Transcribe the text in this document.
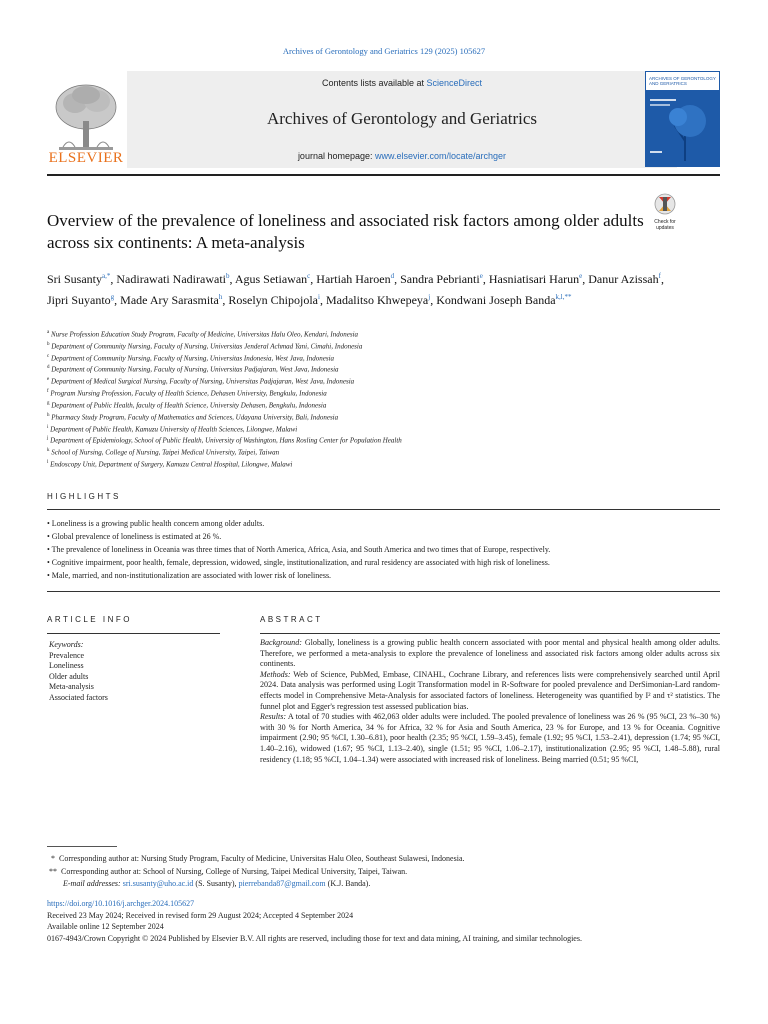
Archives of Gerontology and Geriatrics 129 (2025) 105627
ELSEVIER
Contents lists available at ScienceDirect
Archives of Gerontology and Geriatrics
journal homepage: www.elsevier.com/locate/archger
ARCHIVES OF GERONTOLOGY AND GERIATRICS
Overview of the prevalence of loneliness and associated risk factors among older adults across six continents: A meta-analysis
Check for
updates
Sri Susanty$^{a,*}$, Nadirawati Nadirawati$^b$, Agus Setiawan$^c$, Hartiah Haroen$^d$, Sandra Pebrianti$^e$, Hasniatisari Harun$^e$, Danur Azissah$^f$, Jipri Suyanto$^g$, Made Ary Sarasmita$^h$, Roselyn Chipojola$^i$, Madalitso Khwepeya$^j$, Kondwani Joseph Banda$^{k,l,**}$
$^a$ Nurse Profession Education Study Program, Faculty of Medicine, Universitas Halu Oleo, Kendari, Indonesia
$^b$ Department of Community Nursing, Faculty of Nursing, Universitas Jenderal Achmad Yani, Cimahi, Indonesia
$^c$ Department of Community Nursing, Faculty of Nursing, Universitas Indonesia, West Java, Indonesia
$^d$ Department of Community Nursing, Faculty of Nursing, Universitas Padjajaran, West Java, Indonesia
$^e$ Department of Medical Surgical Nursing, Faculty of Nursing, Universitas Padjajaran, West Java, Indonesia
$^f$ Program Nursing Profession, Faculty of Health Science, Dehasen University, Bengkulu, Indonesia
$^g$ Department of Public Health, faculty of Health Science, University Dehasen, Bengkulu, Indonesia
$^h$ Pharmacy Study Program, Faculty of Mathematics and Sciences, Udayana University, Bali, Indonesia
$^i$ Department of Public Health, Kamuzu University of Health Sciences, Lilongwe, Malawi
$^j$ Department of Epidemiology, School of Public Health, University of Washington, Hans Rosling Center for Population Health
$^k$ School of Nursing, College of Nursing, Taipei Medical University, Taipei, Taiwan
$^l$ Endoscopy Unit, Department of Surgery, Kamuzu Central Hospital, Lilongwe, Malawi
HIGHLIGHTS
• Loneliness is a growing public health concern among older adults.
• Global prevalence of loneliness is estimated at 26 %.
• The prevalence of loneliness in Oceania was three times that of North America, Africa, Asia, and South America and two times that of Europe, respectively.
• Cognitive impairment, poor health, female, depression, widowed, single, institutionalization, and rural residency are associated with high risk of loneliness.
• Male, married, and non-institutionalization are associated with lower risk of loneliness.
ARTICLE INFO
Keywords:
Prevalence
Loneliness
Older adults
Meta-analysis
Associated factors
ABSTRACT

Background: Globally, loneliness is a growing public health concern associated with poor mental and physical health among older adults. Therefore, we performed a meta-analysis to explore the prevalence of loneliness and associated risk factors among older adults across six continents.

Methods: Web of Science, PubMed, Embase, CINAHL, Cochrane Library, and references lists were comprehensively searched until April 2024. Data analysis was performed using Logit Transformation model in R-Software for pooled prevalence and DerSimonian-Lard random-effects model in Comprehensive Meta-Analysis for associated factors of loneliness. Heterogeneity was quantified by I² and τ² statistics. The funnel plot and Egger's regression test assessed publication bias.

Results: A total of 70 studies with 462,063 older adults were included. The pooled prevalence of loneliness was 26 % (95 %CI, 23 %–30 %) with 30 % for North America, 34 % for Africa, 32 % for Asia and South America, 23 % for Europe, and 13 % for Oceania. Cognitive impairment (2.90; 95 %CI, 1.30–6.81), poor health (2.35; 95 %CI, 1.59–3.45), female (1.92; 95 %CI, 1.53–2.41), depression (1.74; 95 %CI, 1.40–2.16), widowed (1.67; 95 %CI, 1.13–2.40), single (1.51; 95 %CI, 1.06–2.17), institutionalization (2.95; 95 %CI, 1.48–5.88), rural residency (1.18; 95 %CI, 1.04–1.34) were associated with increased risk of loneliness. Being married (0.51; 95 %CI,

*  Corresponding author at: Nursing Study Program, Faculty of Medicine, Universitas Halu Oleo, Southeast Sulawesi, Indonesia.
**  Corresponding author at: School of Nursing, College of Nursing, Taipei Medical University, Taipei, Taiwan.
E-mail addresses: sri.susanty@uho.ac.id (S. Susanty), pierrebanda87@gmail.com (K.J. Banda).
https://doi.org/10.1016/j.archger.2024.105627
Received 23 May 2024; Received in revised form 29 August 2024; Accepted 4 September 2024
Available online 12 September 2024
0167-4943/Crown Copyright © 2024 Published by Elsevier B.V. All rights are reserved, including those for text and data mining, AI training, and similar technologies.
